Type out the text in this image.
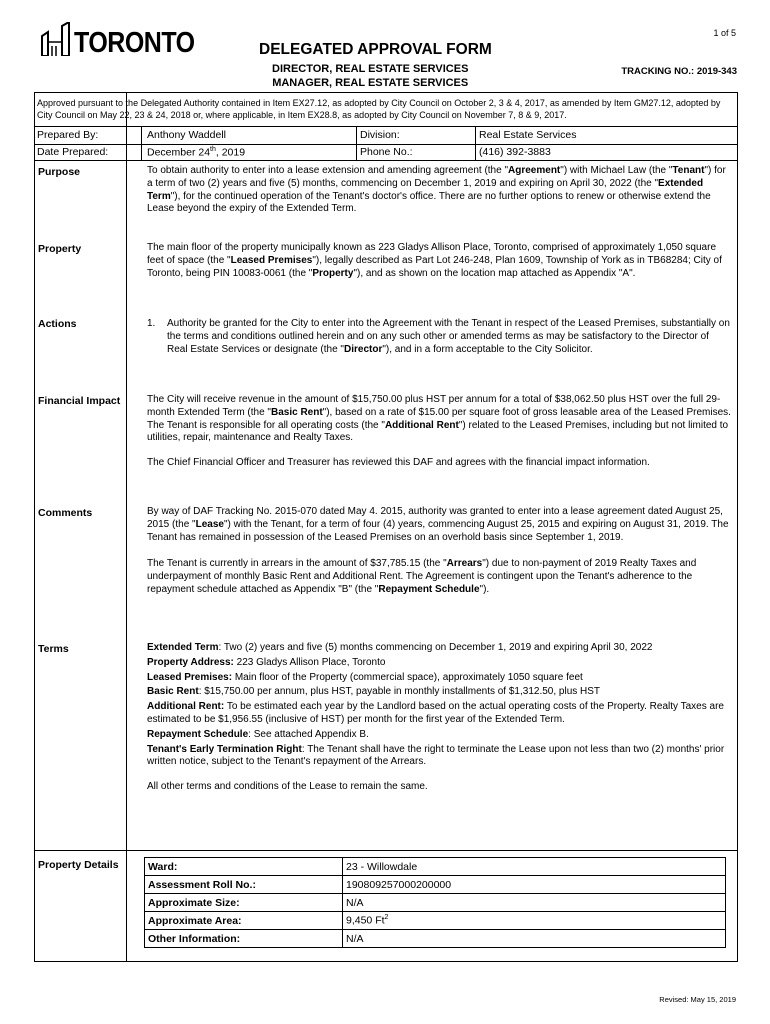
1 of 5
TORONTO	DELEGATED APPROVAL FORM
DIRECTOR, REAL ESTATE SERVICES
MANAGER, REAL ESTATE SERVICES
TRACKING NO.: 2019-343
Approved pursuant to the Delegated Authority contained in Item EX27.12, as adopted by City Council on October 2, 3 & 4, 2017, as amended by Item GM27.12, adopted by City Council on May 22, 23 & 24, 2018 or, where applicable, in Item EX28.8, as adopted by City Council on November 7, 8 & 9, 2017.
Prepared By:	Anthony Waddell	Division:	Real Estate Services
Date Prepared:	December 24th, 2019	Phone No.:	(416) 392-3883
Purpose	To obtain authority to enter into a lease extension and amending agreement (the "Agreement") with Michael Law (the "Tenant") for a term of two (2) years and five (5) months, commencing on December 1, 2019 and expiring on April 30, 2022 (the "Extended Term"), for the continued operation of the Tenant's doctor's office. There are no further options to renew or otherwise extend the Lease beyond the expiry of the Extended Term.
Property	The main floor of the property municipally known as 223 Gladys Allison Place, Toronto, comprised of approximately 1,050 square feet of space (the "Leased Premises"), legally described as Part Lot 246-248, Plan 1609, Township of York as in TB68284; City of Toronto, being PIN 10083-0061 (the "Property"), and as shown on the location map attached as Appendix "A".
Actions	1.	Authority be granted for the City to enter into the Agreement with the Tenant in respect of the Leased Premises, substantially on the terms and conditions outlined herein and on any such other or amended terms as may be satisfactory to the Director of Real Estate Services or designate (the "Director"), and in a form acceptable to the City Solicitor.
Financial Impact	The City will receive revenue in the amount of $15,750.00 plus HST per annum for a total of $38,062.50 plus HST over the full 29-month Extended Term (the "Basic Rent"), based on a rate of $15.00 per square foot of gross leasable area of the Leased Premises. The Tenant is responsible for all operating costs (the "Additional Rent") related to the Leased Premises, including but not limited to utilities, repair, maintenance and Realty Taxes.

The Chief Financial Officer and Treasurer has reviewed this DAF and agrees with the financial impact information.

Comments	By way of DAF Tracking No. 2015-070 dated May 4. 2015, authority was granted to enter into a lease agreement dated August 25, 2015 (the "Lease") with the Tenant, for a term of four (4) years, commencing August 25, 2015 and expiring on August 31, 2019. The Tenant has remained in possession of the Leased Premises on an overhold basis since September 1, 2019.

The Tenant is currently in arrears in the amount of $37,785.15 (the "Arrears") due to non-payment of 2019 Realty Taxes and underpayment of monthly Basic Rent and Additional Rent. The Agreement is contingent upon the Tenant's adherence to the repayment schedule attached as Appendix "B" (the "Repayment Schedule").

Terms	Extended Term: Two (2) years and five (5) months commencing on December 1, 2019 and expiring April 30, 2022

Property Address: 223 Gladys Allison Place, Toronto

Leased Premises: Main floor of the Property (commercial space), approximately 1050 square feet

Basic Rent: $15,750.00 per annum, plus HST, payable in monthly installments of $1,312.50, plus HST

Additional Rent: To be estimated each year by the Landlord based on the actual operating costs of the Property. Realty Taxes are estimated to be $1,956.55 (inclusive of HST) per month for the first year of the Extended Term.

Repayment Schedule: See attached Appendix B.

Tenant's Early Termination Right: The Tenant shall have the right to terminate the Lease upon not less than two (2) months' prior written notice, subject to the Tenant's repayment of the Arrears.

All other terms and conditions of the Lease to remain the same.

Property Details	Ward:	23 - Willowdale
Assessment Roll No.:	190809257000200000
Approximate Size:	N/A
Approximate Area:	9,450 Ft$^2$
Other Information:	N/A
Revised: May 15, 2019
